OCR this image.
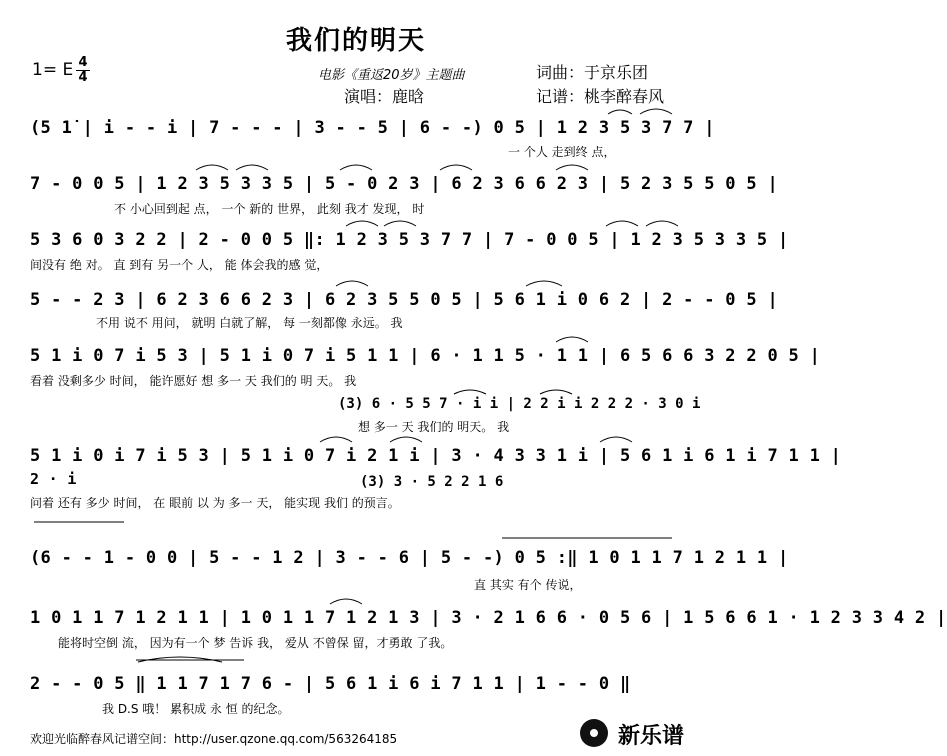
我们的明天
1= E $\frac{4}{4}$	电影《重返20岁》主题曲	词曲：于京乐团
演唱：鹿晗	记谱：桃李醉春风
(5 1̇ | i - - i | 7 - - - | 3 - - 5 | 6 - -) 0 5 | 1 2 3 5 3 7 7 |
一 个人 走到终 点，
7 - 0 0 5 | 1 2 3 5 3 3 5 | 5 - 0 2 3 | 6 2 3 6 6 2 3 | 5 2 3 5 5 0 5 |
不 小心回到起 点， 一个 新的 世界， 此刻 我才 发现， 时
5 3 6 0 3 2 2 | 2 - 0 0 5 ‖: 1 2 3 5 3 7 7 | 7 - 0 0 5 | 1 2 3 5 3 3 5 |
间没有 绝 对。 直 到有 另一个 人， 能 体会我的感 觉，
5 - - 2 3 | 6 2 3 6 6 2 3 | 6 2 3 5 5 0 5 | 5 6 1 i 0 6 2 | 2 - - 0 5 |
不用 说不 用问， 就明 白就了解， 每 一刻都像 永远。 我
5 1 i 0 7 i 5 3 | 5 1 i 0 7 i 5 1 1 | 6 · 1 1 5 · 1 1 | 6 5 6 6 3 2 2 0 5 |
看着 没剩多少 时间， 能许愿好 想 多一 天 我们的 明 天。 我
(3) 6 · 5 5 7 · i i | 2 2 i i 2 2 2 · 3 0 i
想 多一 天 我们的 明天。 我
5 1 i 0 i 7 i 5 3 | 5 1 i 0 7 i 2 1 i | 3 · 4 3 3 1 i | 5 6 1 i 6 1 i 7 1 1 |
2 · i	(3) 3 · 5 2 2 1 6
问着 还有 多少 时间， 在 眼前 以 为 多一 天， 能实现 我们 的预言。
(6 - - 1 - 0 0 | 5 - - 1 2 | 3 - - 6 | 5 - -) 0 5 :‖ 1 0 1 1 7 1 2 1 1 |
直 其实 有个 传说，
1 0 1 1 7 1 2 1 1 | 1 0 1 1 7 1 2 1 3 | 3 · 2 1 6 6 · 0 5 6 | 1 5 6 6 1 · 1 2 3 3 4 2 |
能将时空倒 流， 因为有一个 梦 告诉 我， 爱从 不曾保 留，才勇敢 了我。
2 - - 0 5 ‖ 1 1 7 1 7 6 - | 5 6 1 i 6 i 7 1 1 | 1 - - 0 ‖
我 D.S 哦！ 累积成 永 恒 的纪念。
欢迎光临醉春风记谱空间：http://user.qzone.qq.com/563264185	新乐谱
